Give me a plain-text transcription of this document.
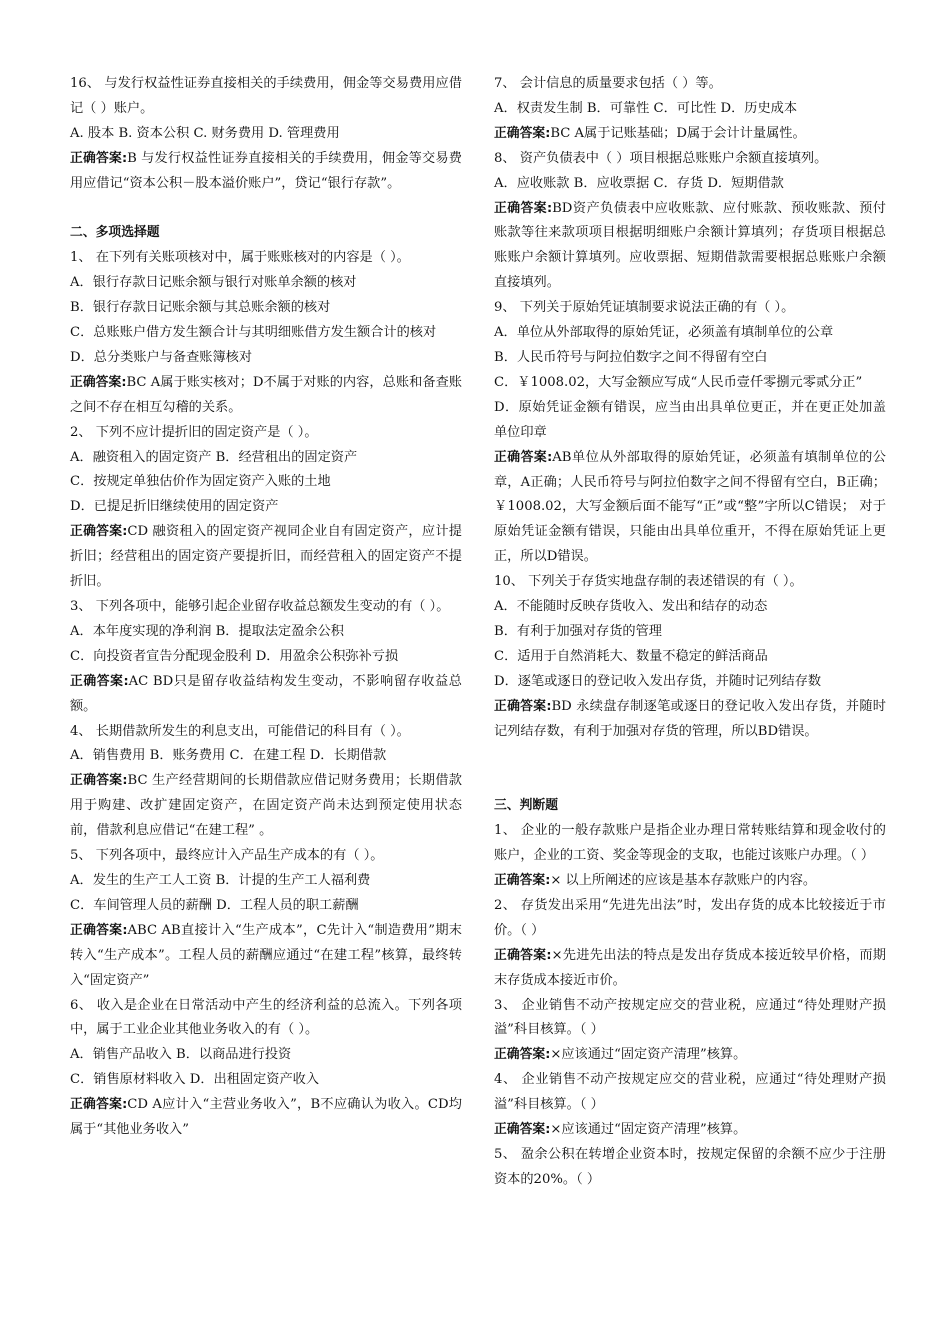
16、 与发行权益性证券直接相关的手续费用，佣金等交易费用应借记（ ）账户。

A. 股本 B. 资本公积 C. 财务费用 D. 管理费用

正确答案:B 与发行权益性证券直接相关的手续费用，佣金等交易费用应借记“资本公积－股本溢价账户”，贷记“银行存款”。

二、多项选择题

1、 在下列有关账项核对中，属于账账核对的内容是（ ）。

A．银行存款日记账余额与银行对账单余额的核对

B．银行存款日记账余额与其总账余额的核对

C．总账账户借方发生额合计与其明细账借方发生额合计的核对

D．总分类账户与备查账簿核对

正确答案:BC A属于账实核对；D不属于对账的内容，总账和备查账之间不存在相互勾稽的关系。

2、 下列不应计提折旧的固定资产是（ ）。

A．融资租入的固定资产 B．经营租出的固定资产

C．按规定单独估价作为固定资产入账的土地

D．已提足折旧继续使用的固定资产

正确答案:CD 融资租入的固定资产视同企业自有固定资产，应计提折旧；经营租出的固定资产要提折旧，而经营租入的固定资产不提折旧。

3、 下列各项中，能够引起企业留存收益总额发生变动的有（ ）。

A．本年度实现的净利润 B．提取法定盈余公积

C．向投资者宣告分配现金股利 D．用盈余公积弥补亏损

正确答案:AC BD只是留存收益结构发生变动，不影响留存收益总额。

4、 长期借款所发生的利息支出，可能借记的科目有（ ）。

A．销售费用 B．账务费用 C．在建工程 D．长期借款

正确答案:BC 生产经营期间的长期借款应借记财务费用；长期借款用于购建、改扩建固定资产，在固定资产尚未达到预定使用状态前，借款利息应借记“在建工程” 。

5、 下列各项中，最终应计入产品生产成本的有（ ）。

A．发生的生产工人工资 B．计提的生产工人福利费

C．车间管理人员的薪酬 D．工程人员的职工薪酬

正确答案:ABC AB直接计入“生产成本”，C先计入“制造费用”期末转入“生产成本”。工程人员的薪酬应通过“在建工程”核算，最终转入“固定资产”

6、 收入是企业在日常活动中产生的经济利益的总流入。下列各项中，属于工业企业其他业务收入的有（ ）。

A．销售产品收入 B．以商品进行投资

C．销售原材料收入 D．出租固定资产收入

正确答案:CD A应计入“主营业务收入”，B不应确认为收入。CD均属于“其他业务收入”

7、 会计信息的质量要求包括（ ）等。

A．权责发生制 B．可靠性 C．可比性 D．历史成本

正确答案:BC A属于记账基础；D属于会计计量属性。

8、 资产负债表中（ ）项目根据总账账户余额直接填列。

A．应收账款 B．应收票据 C．存货 D．短期借款

正确答案:BD资产负债表中应收账款、应付账款、预收账款、预付账款等往来款项项目根据明细账户余额计算填列；存货项目根据总账账户余额计算填列。应收票据、短期借款需要根据总账账户余额直接填列。

9、 下列关于原始凭证填制要求说法正确的有（ ）。

A．单位从外部取得的原始凭证，必须盖有填制单位的公章

B．人民币符号与阿拉伯数字之间不得留有空白

C．￥1008.02，大写金额应写成“人民币壹仟零捌元零贰分正”

D．原始凭证金额有错误，应当由出具单位更正，并在更正处加盖单位印章

正确答案:AB单位从外部取得的原始凭证，必须盖有填制单位的公章，A正确；人民币符号与阿拉伯数字之间不得留有空白，B正确；￥1008.02，大写金额后面不能写“正”或“整”字所以C错误； 对于原始凭证金额有错误，只能由出具单位重开，不得在原始凭证上更正，所以D错误。

10、 下列关于存货实地盘存制的表述错误的有（ ）。

A．不能随时反映存货收入、发出和结存的动态

B．有利于加强对存货的管理

C．适用于自然消耗大、数量不稳定的鲜活商品

D．逐笔或逐日的登记收入发出存货，并随时记列结存数

正确答案:BD 永续盘存制逐笔或逐日的登记收入发出存货，并随时记列结存数，有利于加强对存货的管理，所以BD错误。

三、判断题

1、 企业的一般存款账户是指企业办理日常转账结算和现金收付的账户，企业的工资、奖金等现金的支取，也能过该账户办理。（ ）

正确答案:× 以上所阐述的应该是基本存款账户的内容。

2、 存货发出采用“先进先出法”时，发出存货的成本比较接近于市价。（ ）

正确答案:×先进先出法的特点是发出存货成本接近较早价格，而期末存货成本接近市价。

3、 企业销售不动产按规定应交的营业税，应通过“待处理财产损溢”科目核算。（ ）

正确答案:×应该通过“固定资产清理”核算。

4、 企业销售不动产按规定应交的营业税，应通过“待处理财产损溢”科目核算。（ ）

正确答案:×应该通过“固定资产清理”核算。

5、 盈余公积在转增企业资本时，按规定保留的余额不应少于注册资本的20%。（ ）
